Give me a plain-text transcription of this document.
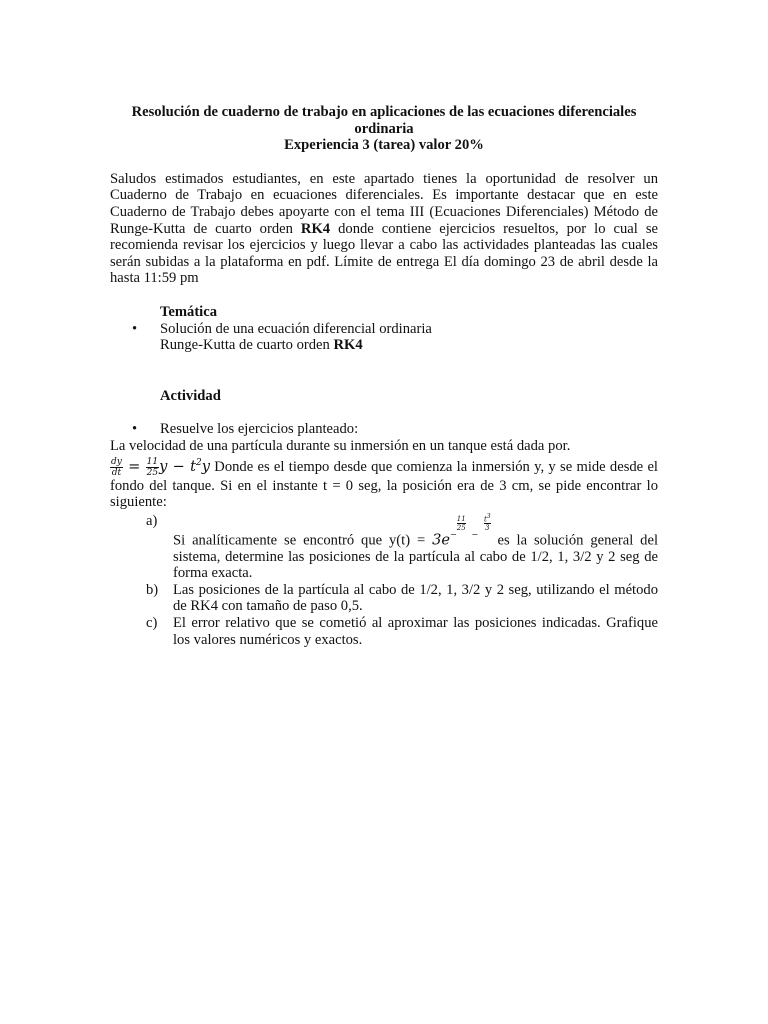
Resolución de cuaderno de trabajo en aplicaciones de las ecuaciones diferenciales
ordinaria
Experiencia 3 (tarea) valor 20%

Saludos estimados estudiantes, en este apartado tienes la oportunidad de resolver un Cuaderno de Trabajo en ecuaciones diferenciales. Es importante destacar que en este Cuaderno de Trabajo debes apoyarte con el tema III (Ecuaciones Diferenciales) Método de Runge-Kutta de cuarto orden RK4 donde contiene ejercicios resueltos, por lo cual se recomienda revisar los ejercicios y luego llevar a cabo las actividades planteadas las cuales serán subidas a la plataforma en pdf. Límite de entrega El día domingo 23 de abril desde la hasta 11:59 pm

Temática
• Solución de una ecuación diferencial ordinaria
Runge-Kutta de cuarto orden RK4
Actividad
• Resuelve los ejercicios planteado:
La velocidad de una partícula durante su inmersión en un tanque está dada por.
$\frac{dy}{dt} = \frac{11}{25}$ $y - t^2y$ Donde es el tiempo desde que comienza la inmersión y, y se mide desde el fondo del tanque. Si en el instante t = 0 seg, la posición era de 3 cm, se pide encontrar lo siguiente:
a)
Si analíticamente se encontró que $y(t) = 3e^{- \frac{11}{25} - \frac{t^3}{3}}$
es la solución general del sistema, determine las posiciones de la partícula al cabo de 1/2, 1, 3/2 y 2 seg de forma exacta.
b) Las posiciones de la partícula al cabo de 1/2, 1, 3/2 y 2 seg, utilizando el método de RK4 con tamaño de paso 0,5.
c) El error relativo que se cometió al aproximar las posiciones indicadas. Grafique los valores numéricos y exactos.
